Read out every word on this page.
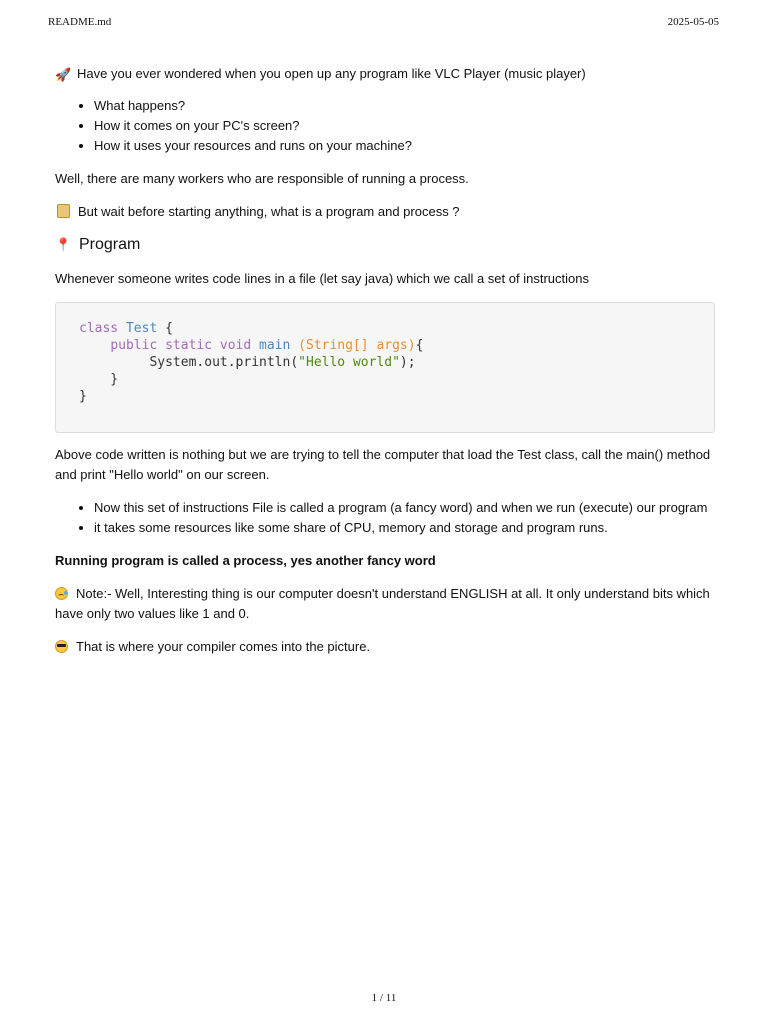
README.md	2025-05-05

🚀 Have you ever wondered when you open up any program like VLC Player (music player)

• What happens?
• How it comes on your PC's screen?
• How it uses your resources and runs on your machine?

Well, there are many workers who are responsible of running a process.

But wait before starting anything, what is a program and process ?

📍 Program

Whenever someone writes code lines in a file (let say java) which we call a set of instructions

class Test {
public static void main (String[] args){
System.out.println("Hello world");
}
}

Above code written is nothing but we are trying to tell the computer that load the Test class, call the main() method and print "Hello world" on our screen.

• Now this set of instructions File is called a program (a fancy word) and when we run (execute) our program
• it takes some resources like some share of CPU, memory and storage and program runs.

Running program is called a process, yes another fancy word

Note:- Well, Interesting thing is our computer doesn't understand ENGLISH at all. It only understand bits which have only two values like 1 and 0.

That is where your compiler comes into the picture.

1 / 11
